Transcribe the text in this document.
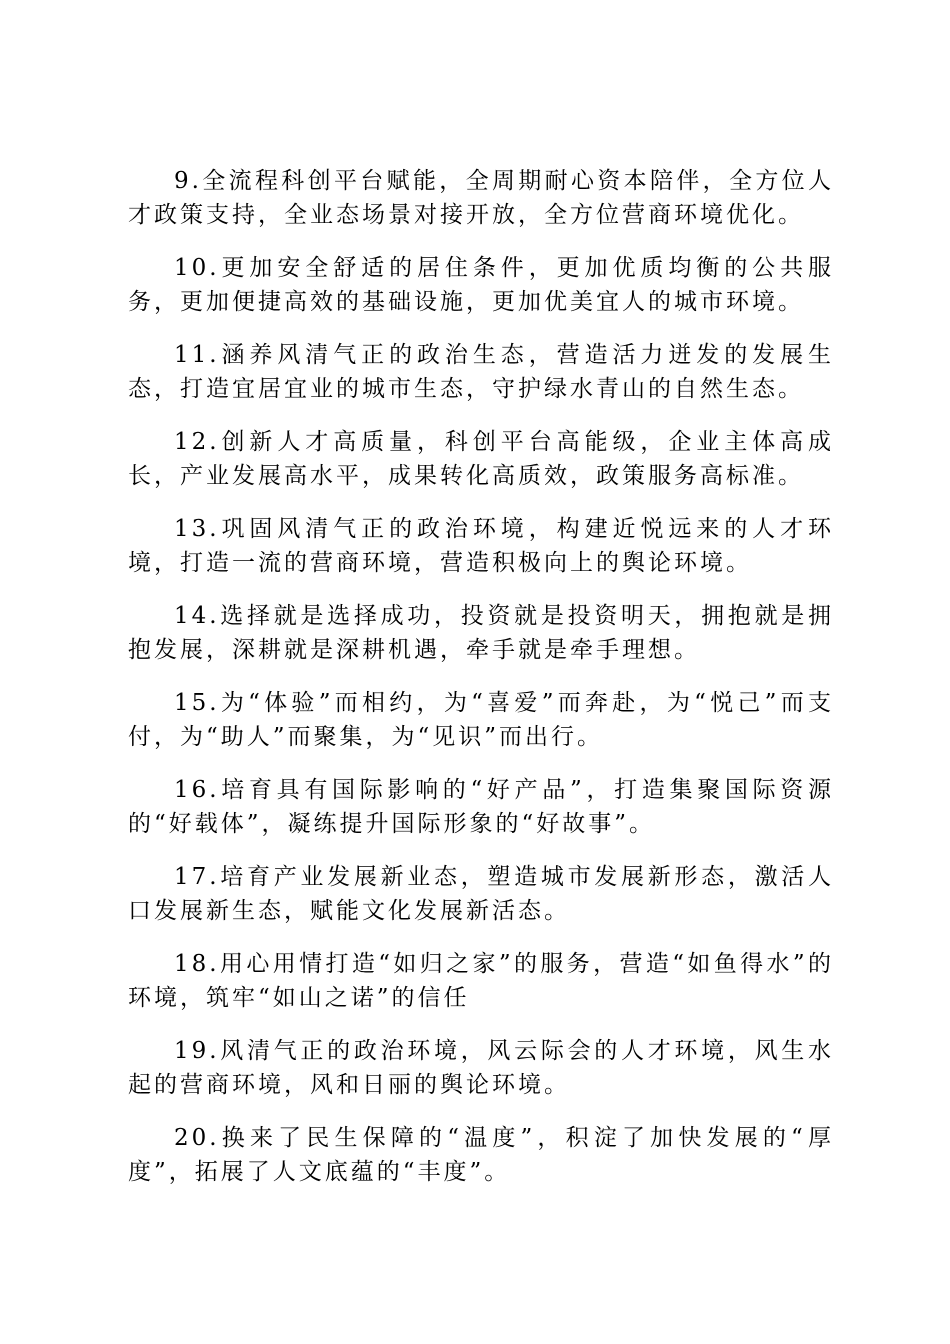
9.全流程科创平台赋能，全周期耐心资本陪伴，全方位人才政策支持，全业态场景对接开放，全方位营商环境优化。

10.更加安全舒适的居住条件，更加优质均衡的公共服务，更加便捷高效的基础设施，更加优美宜人的城市环境。

11.涵养风清气正的政治生态，营造活力迸发的发展生态，打造宜居宜业的城市生态，守护绿水青山的自然生态。

12.创新人才高质量，科创平台高能级，企业主体高成长，产业发展高水平，成果转化高质效，政策服务高标准。

13.巩固风清气正的政治环境，构建近悦远来的人才环境，打造一流的营商环境，营造积极向上的舆论环境。

14.选择就是选择成功，投资就是投资明天，拥抱就是拥抱发展，深耕就是深耕机遇，牵手就是牵手理想。

15.为“体验”而相约，为“喜爱”而奔赴，为“悦己”而支付，为“助人”而聚集，为“见识”而出行。

16.培育具有国际影响的“好产品”，打造集聚国际资源的“好载体”，凝练提升国际形象的“好故事”。

17.培育产业发展新业态，塑造城市发展新形态，激活人口发展新生态，赋能文化发展新活态。

18.用心用情打造“如归之家”的服务，营造“如鱼得水”的环境，筑牢“如山之诺”的信任

19.风清气正的政治环境，风云际会的人才环境，风生水起的营商环境，风和日丽的舆论环境。

20.换来了民生保障的“温度”，积淀了加快发展的“厚度”，拓展了人文底蕴的“丰度”。
